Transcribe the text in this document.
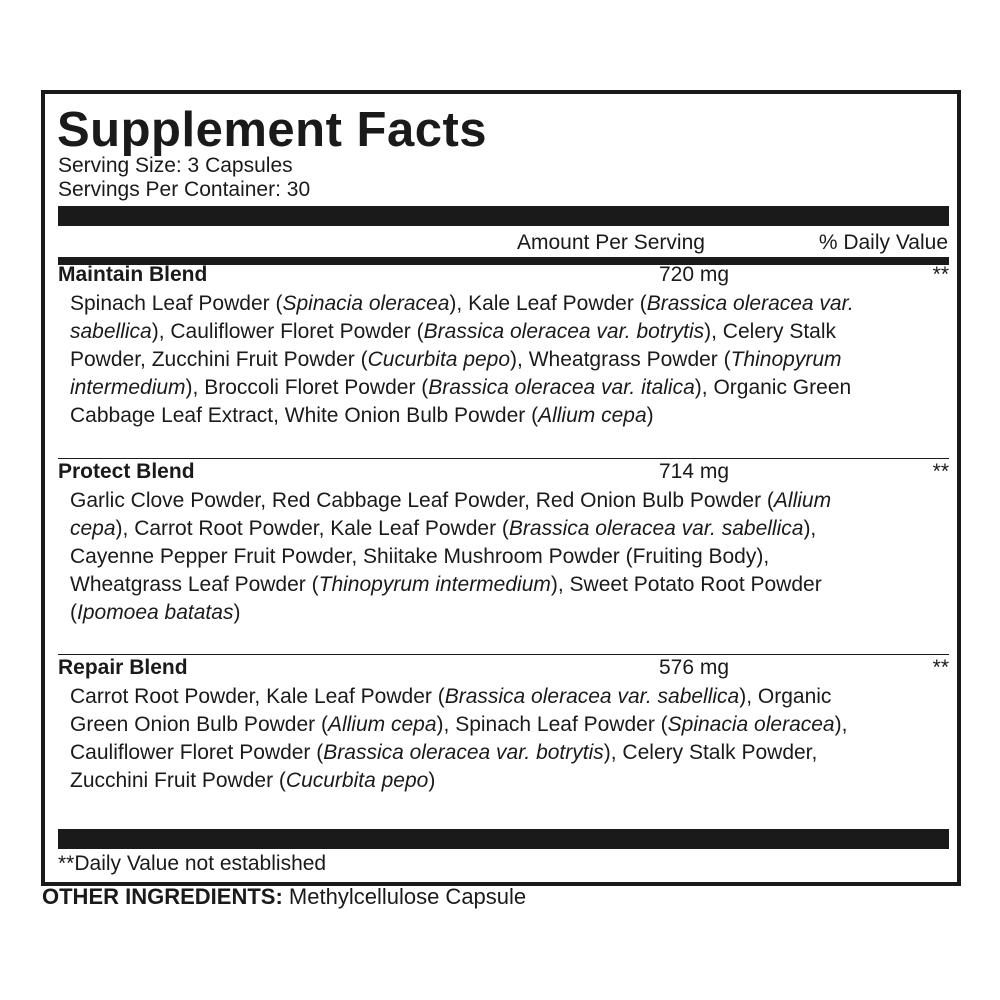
Supplement Facts
Serving Size: 3 Capsules
Servings Per Container: 30
Amount Per Serving	% Daily Value
Maintain Blend	720 mg	**

Spinach Leaf Powder (Spinacia oleracea), Kale Leaf Powder (Brassica oleracea var. sabellica), Cauliflower Floret Powder (Brassica oleracea var. botrytis), Celery Stalk Powder, Zucchini Fruit Powder (Cucurbita pepo), Wheatgrass Powder (Thinopyrum intermedium), Broccoli Floret Powder (Brassica oleracea var. italica), Organic Green Cabbage Leaf Extract, White Onion Bulb Powder (Allium cepa)

Protect Blend	714 mg	**

Garlic Clove Powder, Red Cabbage Leaf Powder, Red Onion Bulb Powder (Allium cepa), Carrot Root Powder, Kale Leaf Powder (Brassica oleracea var. sabellica), Cayenne Pepper Fruit Powder, Shiitake Mushroom Powder (Fruiting Body), Wheatgrass Leaf Powder (Thinopyrum intermedium), Sweet Potato Root Powder (Ipomoea batatas)

Repair Blend	576 mg	**

Carrot Root Powder, Kale Leaf Powder (Brassica oleracea var. sabellica), Organic Green Onion Bulb Powder (Allium cepa), Spinach Leaf Powder (Spinacia oleracea), Cauliflower Floret Powder (Brassica oleracea var. botrytis), Celery Stalk Powder, Zucchini Fruit Powder (Cucurbita pepo)

**Daily Value not established
OTHER INGREDIENTS: Methylcellulose Capsule
